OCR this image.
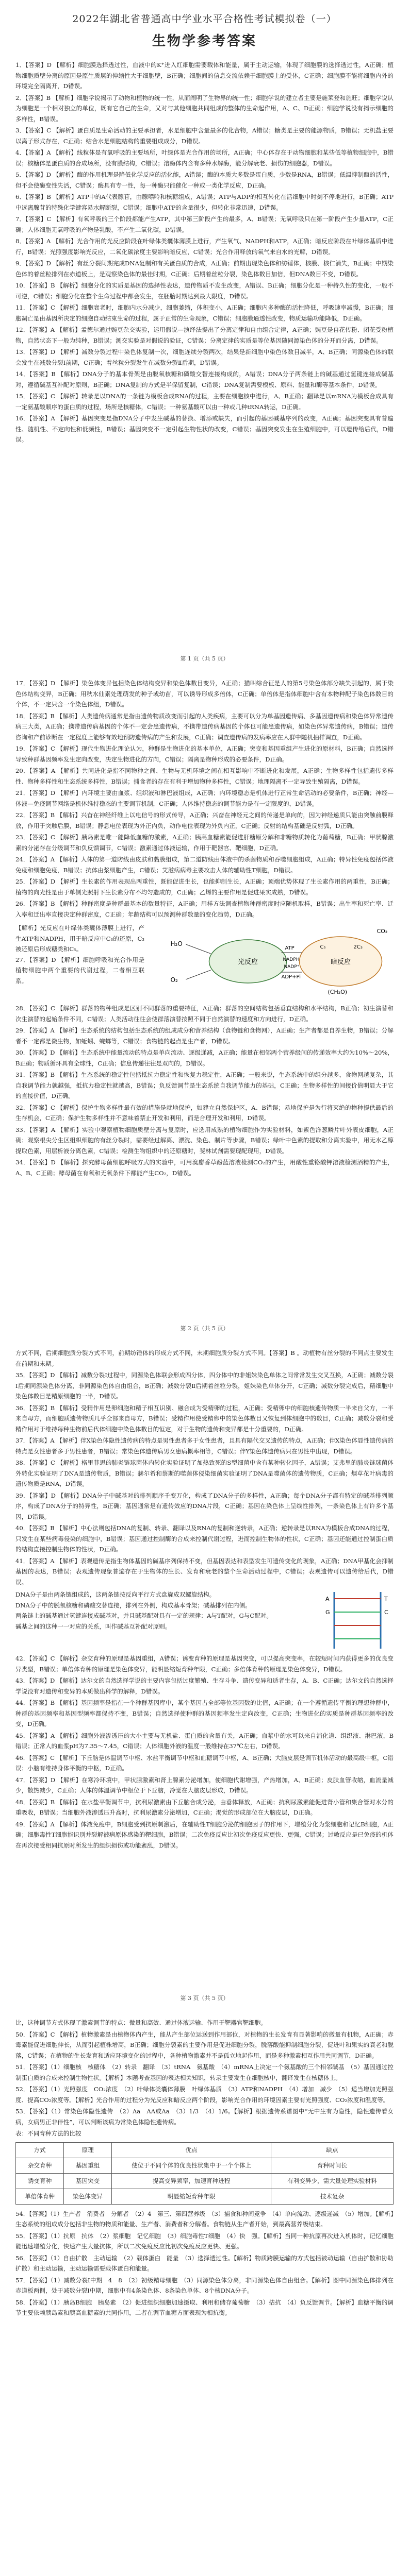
2022年湖北省普通高中学业水平合格性考试模拟卷（一）
生物学参考答案

1．【答案】D 【解析】细胞膜选择透过性，血液中的K⁺进入红细胞需要载体和能量，属于主动运输，体现了细胞膜的选择透过性，A正确；植物细胞质壁分离的原因是原生质层的伸缩性大于细胞壁，B正确；细胞间的信息交流依赖于细胞膜上的受体，C正确；细胞膜不能将细胞内外的环境完全隔离开，D错误。

2．【答案】B 【解析】细胞学说揭示了动物和植物的统一性，从而阐明了生物界的统一性；细胞学说的建立者主要是施莱登和施旺；细胞学说认为细胞是一个相对独立的单位，既有它自己的生命，又对与其他细胞共同组成的整体的生命起作用，A、C、D正确；细胞学说没有揭示细胞的多样性，B错误。

3．【答案】C 【解析】蛋白质是生命活动的主要承担者，水是细胞中含量最多的化合物，A错误；糖类是主要的能源物质，B错误；无机盐主要以离子形式存在，C正确；结合水是细胞结构的重要组成成分，D错误。

4．【答案】A 【解析】线粒体是有氧呼吸的主要场所，叶绿体是光合作用的场所，A正确；中心体存在于动物细胞和某些低等植物细胞中，B错误；核糖体是蛋白质的合成场所，没有膜结构，C错误；溶酶体内含有多种水解酶，能分解衰老、损伤的细胞器，D错误。

5．【答案】D 【解析】酶的作用机理是降低化学反应的活化能，A错误；酶的本质大多数是蛋白质，少数是RNA，B错误；低温抑制酶的活性，但不会使酶变性失活，C错误；酶具有专一性，每一种酶只能催化一种或一类化学反应，D正确。

6．【答案】B 【解析】ATP中的A代表腺苷，由腺嘌呤和核糖组成，A错误；ATP与ADP的相互转化在活细胞中时刻不停地进行，B正确；ATP中远离腺苷的特殊化学键容易水解断裂，C错误；细胞中ATP的含量很少，但转化非常迅速，D错误。

7．【答案】C 【解析】有氧呼吸的三个阶段都能产生ATP，其中第三阶段产生的最多，A、B错误；无氧呼吸只在第一阶段产生少量ATP，C正确；人体细胞无氧呼吸的产物是乳酸，不产生二氧化碳，D错误。

8．【答案】A 【解析】光合作用的光反应阶段在叶绿体类囊体薄膜上进行，产生氧气、NADPH和ATP，A正确；暗反应阶段在叶绿体基质中进行，B错误；光照强度影响光反应，二氧化碳浓度主要影响暗反应，C错误；光合作用释放的氧气来自水的光解，D错误。

9．【答案】D 【解析】有丝分裂间期完成DNA复制和有关蛋白质的合成，A正确；前期出现染色体和纺锤体，核膜、核仁消失，B正确；中期染色体的着丝粒排列在赤道板上，是观察染色体的最佳时期，C正确；后期着丝粒分裂，染色体数目加倍，但DNA数目不变，D错误。

10．【答案】B 【解析】细胞分化的实质是基因的选择性表达，遗传物质不发生改变，A错误、B正确；细胞分化是一种持久性的变化，一般不可逆，C错误；细胞分化在整个生命过程中都会发生，在胚胎时期达到最大限度，D错误。

11．【答案】C 【解析】细胞衰老时，细胞内水分减少，细胞萎缩，体积变小，A正确；细胞内多种酶的活性降低，呼吸速率减慢，B正确；细胞凋亡是由基因所决定的细胞自动结束生命的过程，属于正常的生命现象，C错误；细胞膜通透性改变，物质运输功能降低，D正确。

12．【答案】A 【解析】孟德尔通过豌豆杂交实验，运用假说—演绎法提出了分离定律和自由组合定律，A正确；豌豆是自花传粉、闭花受粉植物，自然状态下一般为纯种，B错误；测交实验是对假说的验证，C错误；分离定律的实质是等位基因随同源染色体的分开而分离，D错误。

13．【答案】D 【解析】减数分裂过程中染色体复制一次，细胞连续分裂两次，结果是新细胞中染色体数目减半，A、B正确；同源染色体的联会发生在减数分裂Ⅰ前期，C正确；着丝粒分裂发生在减数分裂Ⅱ后期，D错误。

14．【答案】B 【解析】DNA分子的基本骨架是由脱氧核糖和磷酸交替连接构成的，A错误；DNA分子两条链上的碱基通过氢键连接成碱基对，遵循碱基互补配对原则，B正确；DNA复制的方式是半保留复制，C错误；DNA复制需要模板、原料、能量和酶等基本条件，D错误。

15．【答案】C 【解析】转录是以DNA的一条链为模板合成RNA的过程，主要在细胞核中进行，A、B正确；翻译是以mRNA为模板合成具有一定氨基酸顺序的蛋白质的过程，场所是核糖体，C错误；一种氨基酸可以由一种或几种tRNA转运，D正确。

16．【答案】A 【解析】基因突变是指DNA分子中发生碱基的替换、增添或缺失，而引起的基因碱基序列的改变，A正确；基因突变具有普遍性、随机性、不定向性和低频性，B错误；基因突变不一定引起生物性状的改变，C错误；基因突变发生在生殖细胞中，可以遗传给后代，D错误。

第 1 页（共 5 页）

17．【答案】D 【解析】染色体变异包括染色体结构变异和染色体数目变异，A正确；猫叫综合征是人的第5号染色体部分缺失引起的，属于染色体结构变异，B正确；用秋水仙素处理萌发的种子或幼苗，可以诱导形成多倍体，C正确；单倍体是指体细胞中含有本物种配子染色体数目的个体，不一定只含一个染色体组，D错误。

18．【答案】B 【解析】人类遗传病通常是指由遗传物质改变而引起的人类疾病，主要可以分为单基因遗传病、多基因遗传病和染色体异常遗传病三大类，A正确；携带遗传病基因的个体不一定会患遗传病，不携带遗传病基因的个体也可能患遗传病，如染色体异常遗传病，B错误；遗传咨询和产前诊断在一定程度上能够有效地预防遗传病的产生和发展，C正确；调查遗传病的发病率应在人群中随机抽样调查，D正确。

19．【答案】C 【解析】现代生物进化理论认为，种群是生物进化的基本单位，A正确；突变和基因重组产生进化的原材料，B正确；自然选择导致种群基因频率发生定向改变，决定生物进化的方向，C错误；隔离是物种形成的必要条件，D正确。

20．【答案】A 【解析】共同进化是指不同物种之间、生物与无机环境之间在相互影响中不断进化和发展，A正确；生物多样性包括遗传多样性、物种多样性和生态系统多样性，B错误；捕食者的存在有利于增加物种多样性，C错误；地理隔离不一定导致生殖隔离，D错误。

21．【答案】D 【解析】内环境主要由血浆、组织液和淋巴液组成，A正确；内环境稳态是机体进行正常生命活动的必要条件，B正确；神经—体液—免疫调节网络是机体维持稳态的主要调节机制，C正确；人体维持稳态的调节能力是有一定限度的，D错误。

22．【答案】B 【解析】兴奋在神经纤维上以电信号的形式传导，A正确；兴奋在神经元之间的传递是单向的，因为神经递质只能由突触前膜释放，作用于突触后膜，B错误；静息电位表现为外正内负，动作电位表现为外负内正，C正确；反射的结构基础是反射弧，D正确。

23．【答案】C 【解析】胰岛素是唯一能降低血糖的激素，A正确；胰高血糖素能促进肝糖原分解和非糖物质转化为葡萄糖，B正确；甲状腺激素的分泌存在分级调节和负反馈调节，C错误；激素通过体液运输，作用于靶器官、靶细胞，D正确。

24．【答案】A 【解析】人体的第一道防线由皮肤和黏膜组成，第二道防线由体液中的杀菌物质和吞噬细胞组成，A正确；特异性免疫包括体液免疫和细胞免疫，B错误；抗体由浆细胞产生，C错误；艾滋病病毒主要攻击人体的辅助性T细胞，D错误。

25．【答案】D 【解析】生长素的作用表现出两重性，既能促进生长，也能抑制生长，A正确；顶端优势体现了生长素作用的两重性，B正确；植物的向光性是由于单侧光照射下生长素分布不均匀造成的，C正确；乙烯的主要作用是促进果实成熟，D错误。

26．【答案】B 【解析】种群密度是种群最基本的数量特征，A正确；用样方法调查植物种群密度时应随机取样，B错误；出生率和死亡率、迁入率和迁出率直接决定种群密度，C正确；年龄结构可以预测种群数量的变化趋势，D正确。

【解析】光反应在叶绿体类囊体薄膜上进行，产生ATP和NADPH，用于暗反应中C₃的还原，C₃被还原后形成糖类和C₅。

27．【答案】D 【解析】细胞呼吸和光合作用是植物细胞中两个重要的代谢过程，二者相互联系。

光反应	暗反应
H₂O
O₂
ATP
ADP+Pi
NADPH
NADP⁺
CO₂
C₅	2C₃
(CH₂O)

28．【答案】C 【解析】群落的物种组成是区别不同群落的重要特征，A正确；群落的空间结构包括垂直结构和水平结构，B正确；初生演替和次生演替的起始条件不同，C错误；人类活动往往会使群落演替按照不同于自然演替的速度和方向进行，D正确。

29．【答案】A 【解析】生态系统的结构包括生态系统的组成成分和营养结构（食物链和食物网），A正确；生产者都是自养生物，B错误；分解者不一定都是微生物，如蚯蚓、蜣螂等，C错误；食物链的起点是生产者，D错误。

30．【答案】D 【解析】生态系统中能量流动的特点是单向流动、逐级递减，A正确；能量在相邻两个营养级间的传递效率大约为10%～20%，B正确；物质循环具有全球性，C正确；信息传递往往是双向的，D错误。

31．【答案】B 【解析】生态系统的稳定性包括抵抗力稳定性和恢复力稳定性，A正确；一般来说，生态系统中的组分越多，食物网越复杂，其自我调节能力就越强，抵抗力稳定性就越高，B错误；负反馈调节是生态系统自我调节能力的基础，C正确；生物多样性的间接价值明显大于它的直接价值，D正确。

32．【答案】C 【解析】保护生物多样性最有效的措施是就地保护，如建立自然保护区，A、B错误；易地保护是为行将灭绝的物种提供最后的生存机会，C正确；保护生物多样性并不意味着禁止开发和利用，而是合理开发和利用，D错误。

33．【答案】A 【解析】实验中观察植物细胞质壁分离与复原时，应选用成熟的植物细胞作为实验材料，如紫色洋葱鳞片叶外表皮细胞，A正确；观察根尖分生区组织细胞的有丝分裂时，需要经过解离、漂洗、染色、制片等步骤，B错误；绿叶中色素的提取和分离实验中，用无水乙醇提取色素，用层析液分离色素，C错误；检测生物组织中的还原糖时，斐林试剂需要现配现用，D错误。

34．【答案】D 【解析】探究酵母菌细胞呼吸方式的实验中，可用溴麝香草酚蓝溶液检测CO₂的产生，用酸性重铬酸钾溶液检测酒精的产生，A、B、C正确；酵母菌在有氧和无氧条件下都能产生CO₂，D错误。

第 2 页（共 5 页）

方式不同，后期细胞质分裂方式不同，前期纺锤体的形成方式不同，末期细胞质分裂方式不同。【答案】B 。动植物有丝分裂的不同点主要发生在前期和末期。

35．【答案】D 【解析】减数分裂Ⅰ过程中，同源染色体联会形成四分体，四分体中的非姐妹染色单体之间常常发生交叉互换，A正确；减数分裂Ⅰ后期同源染色体分离，非同源染色体自由组合，B正确；减数分裂Ⅱ后期着丝粒分裂，姐妹染色单体分开，C正确；减数分裂完成后，精细胞中染色体数目是精原细胞的一半，D错误。

36．【答案】B 【解析】受精作用是卵细胞和精子相互识别、融合成为受精卵的过程，A正确；受精卵中的细胞核遗传物质一半来自父方，一半来自母方，而细胞质遗传物质几乎全部来自母方，B错误；受精作用使受精卵中的染色体数目又恢复到体细胞中的数目，C正确；减数分裂和受精作用对于维持每种生物前后代体细胞中染色体数目的恒定，对于生物的遗传和变异都是十分重要的，D正确。

37．【答案】A 【解析】伴X染色体隐性遗传病的特点是男性患者多于女性患者，且具有隔代交叉遗传的特点，A正确；伴X染色体显性遗传病的特点是女性患者多于男性患者，B错误；常染色体遗传病男女患病概率相等，C错误；伴Y染色体遗传病只在男性中出现，D错误。

38．【答案】C 【解析】格里菲思的肺炎链球菌体内转化实验证明了加热致死的S型细菌中含有某种转化因子，A错误；艾弗里的肺炎链球菌体外转化实验证明了DNA是遗传物质，B错误；赫尔希和蔡斯的噬菌体侵染细菌实验证明了DNA是噬菌体的遗传物质，C正确；烟草花叶病毒的遗传物质是RNA，D错误。

39．【答案】D 【解析】DNA分子中碱基对的排列顺序千变万化，构成了DNA分子的多样性，A正确；每个DNA分子都有特定的碱基排列顺序，构成了DNA分子的特异性，B正确；基因通常是有遗传效应的DNA片段，C正确；基因在染色体上呈线性排列，一条染色体上有许多个基因，D错误。

40．【答案】B 【解析】中心法则包括DNA的复制、转录、翻译以及RNA的复制和逆转录，A正确；逆转录是以RNA为模板合成DNA的过程，只发生在某些病毒侵染的细胞中，B错误；基因通过控制酶的合成来控制代谢过程，进而控制生物体的性状，C正确；基因还能通过控制蛋白质的结构直接控制生物体的性状，D正确。

41．【答案】A 【解析】表观遗传是指生物体基因的碱基序列保持不变，但基因表达和表型发生可遗传变化的现象，A正确；DNA甲基化会抑制基因的表达，B错误；表观遗传现象普遍存在于生物体的生长、发育和衰老的整个生命活动过程中，C错误；表观遗传可以遗传给后代，D错误。

DNA分子是由两条链组成的，这两条链按反向平行方式盘旋成双螺旋结构。

DNA分子中的脱氧核糖和磷酸交替连接，排列在外侧，构成基本骨架；碱基排列在内侧。

两条链上的碱基通过氢键连接成碱基对，并且碱基配对具有一定的规律：A与T配对，G与C配对。

碱基之间的这种一一对应的关系，叫作碱基互补配对原则。

A	T
G	C

42．【答案】C 【解析】杂交育种的原理是基因重组，A错误；诱变育种的原理是基因突变，可以提高突变率，在较短时间内获得更多的优良变异类型，B错误；单倍体育种的原理是染色体变异，能明显缩短育种年限，C正确；多倍体育种的原理是染色体变异，D错误。

43．【答案】D 【解析】达尔文的自然选择学说的主要内容包括过度繁殖、生存斗争、遗传变异和适者生存，A、B、C正确；达尔文的自然选择学说没有对遗传和变异的本质做出科学的解释，D错误。

44．【答案】B 【解析】基因频率是指在一个种群基因库中，某个基因占全部等位基因数的比值，A正确；在一个遵循遗传平衡的理想种群中，种群的基因频率和基因型频率都保持不变，B错误；自然选择使种群的基因频率发生定向改变，C正确；生物进化的实质是种群基因频率的改变，D正确。

45．【答案】A 【解析】细胞外液渗透压的大小主要与无机盐、蛋白质的含量有关，A正确；血浆中的水可以来自消化道、组织液、淋巴液，B错误；正常人的血浆pH为7.35～7.45，C错误；人体细胞外液的温度一般维持在37℃左右，D错误。

46．【答案】C 【解析】下丘脑是体温调节中枢、水盐平衡调节中枢和血糖调节中枢，A、B正确；大脑皮层是调节机体活动的最高级中枢，C错误；小脑有维持身体平衡的中枢，D正确。

47．【答案】D 【解析】在寒冷环境中，甲状腺激素和肾上腺素分泌增加，使细胞代谢增强，产热增加，A、B正确；皮肤血管收缩，血流量减少，散热减少，C正确；人体的体温调节中枢位于下丘脑，冷觉在大脑皮层形成，D错误。

48．【答案】B 【解析】在水盐平衡调节中，抗利尿激素由下丘脑合成分泌，由垂体释放，A正确；抗利尿激素能促进肾小管和集合管对水分的重吸收，B错误；当细胞外液渗透压升高时，抗利尿激素分泌增加，C正确；渴觉的形成部位在大脑皮层，D正确。

49．【答案】A 【解析】体液免疫中，B细胞受到抗原刺激后，在辅助性T细胞分泌的细胞因子的作用下，增殖分化为浆细胞和记忆B细胞，A正确；细胞毒性T细胞能识别并裂解被病原体感染的靶细胞，B错误；二次免疫反应比初次免疫反应更快、更强，C错误；过敏反应是已免疫的机体在再次接受相同抗原时所发生的组织损伤或功能紊乱，D错误。

第 3 页（共 5 页）

比，这种调节方式体现了激素调节的特点：微量和高效、通过体液运输、作用于靶器官靶细胞。

50．【答案】C 【解析】植物激素是由植物体内产生，能从产生部位运送到作用部位，对植物的生长发育有显著影响的微量有机物，A正确；赤霉素能促进细胞伸长，从而引起植株增高，B正确；细胞分裂素的主要作用是促进细胞分裂，脱落酸能抑制细胞分裂，促进叶和果实的衰老和脱落，C错误；在植物的生长发育和适应环境变化的过程中，各种植物激素并不是孤立地起作用，而是多种激素相互作用共同调节，D正确。

51．【答案】（1）细胞核　核糖体　（2）转录　翻译　（3）tRNA　氨基酸　（4）mRNA上决定一个氨基酸的三个相邻碱基　（5）基因通过控制蛋白质的合成来控制生物性状。【解析】本题考查基因的表达相关知识，转录主要发生在细胞核中，翻译发生在核糖体上。

52．【答案】（1）光照强度　CO₂浓度　（2）叶绿体类囊体薄膜　叶绿体基质　（3）ATP和NADPH　（4）增加　减少　（5）适当增加光照强度、提高CO₂浓度等。【解析】光合作用的过程分为光反应和暗反应两个阶段，影响光合作用的环境因素主要有光照强度、CO₂浓度和温度等。

53．【答案】（1）常染色体隐性遗传　（2）Aa　AA或Aa　（3）1/3　（4）1/6。【解析】根据遗传系谱图中“无中生有为隐性，隐性遗传看女病，女病男正非伴性”，可以判断该病为常染色体隐性遗传病。

表：不同育种方法的比较

方式	原理	优点	缺点
杂交育种	基因重组	使位于不同个体的优良性状集中于一个个体上	育种时间长
诱变育种	基因突变	提高变异频率，加速育种进程	有利变异少，需大量处理实验材料
单倍体育种	染色体变异	明显缩短育种年限	技术复杂

54．【答案】（1）生产者　消费者　分解者　（2）4　第三、第四营养级　（3）捕食和种间竞争　（4）单向流动、逐级递减　（5）增加。【解析】生态系统的组成成分包括非生物的物质和能量、生产者、消费者和分解者。食物链从生产者开始，到最高营养级结束。

55．【答案】（1）抗原　抗体　（2）浆细胞　记忆细胞　（3）细胞毒性T细胞　（4）快　强。【解析】当同一种抗原再次进入机体时，记忆细胞能迅速增殖分化，快速产生大量抗体，所以二次免疫反应比初次免疫反应更快、更强。

56．【答案】（1）自由扩散　主动运输　（2）载体蛋白　能量　（3）选择透过性。【解析】物质跨膜运输的方式包括被动运输（自由扩散和协助扩散）和主动运输，主动运输需要载体蛋白和能量。

57．【答案】（1）减数分裂Ⅰ中期　4　8　（2）初级精母细胞　（3）同源染色体分离，非同源染色体自由组合。【解析】图中同源染色体排列在赤道板两侧，处于减数分裂Ⅰ中期，细胞中有4条染色体、8条染色单体、8个核DNA分子。

58．【答案】（1）胰岛B细胞　胰岛素　（2）促进组织细胞加速摄取、利用和储存葡萄糖　（3）拮抗　（4）负反馈调节。【解析】血糖平衡的调节主要依赖胰岛素和胰高血糖素的共同作用，二者在调节血糖方面表现为相抗衡。
